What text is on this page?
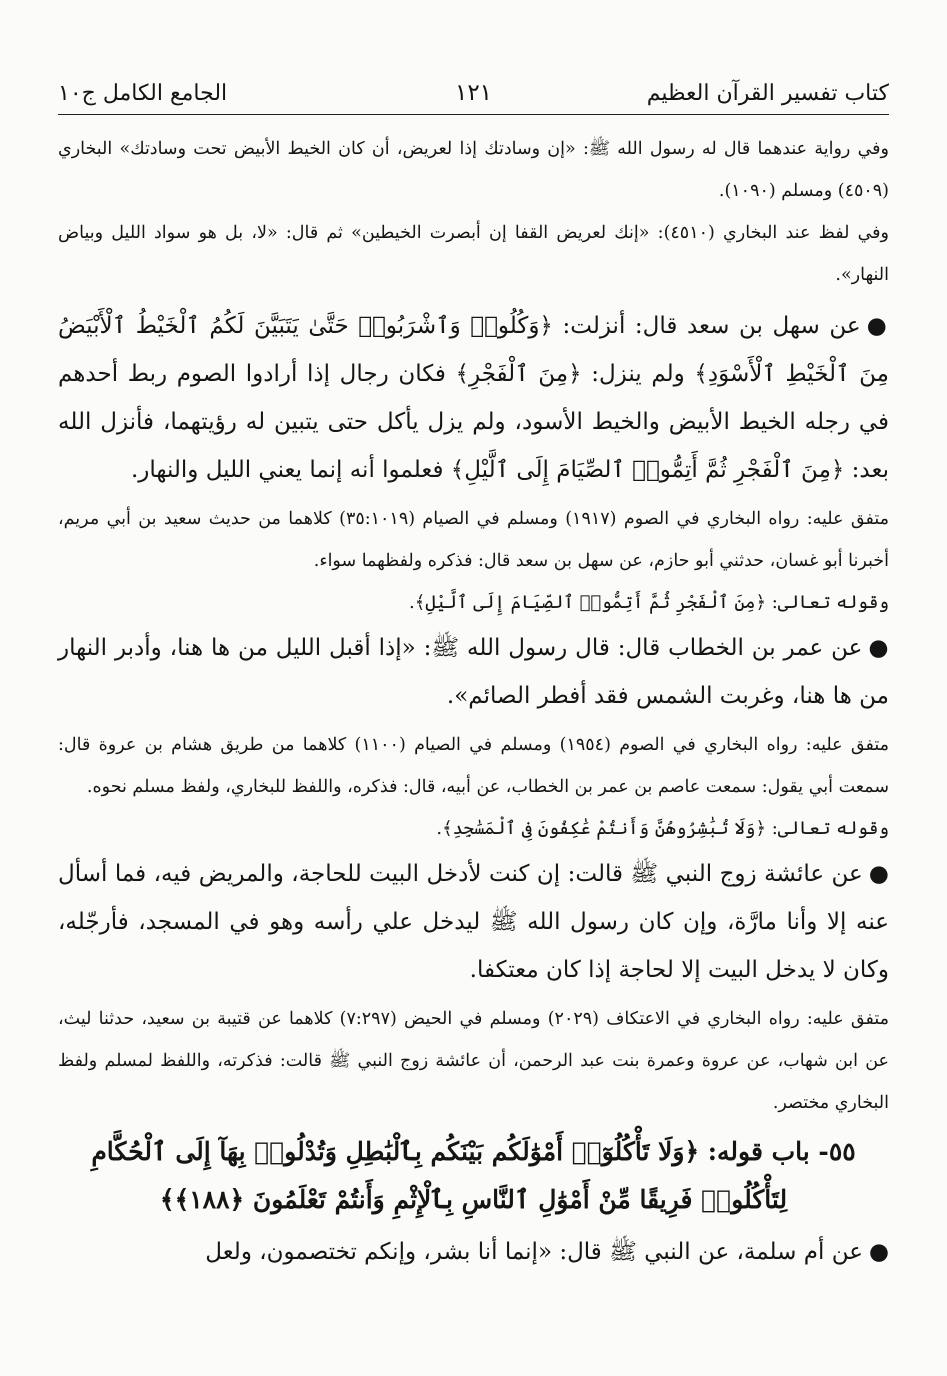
كتاب تفسير القرآن العظيم
١٢١
الجامع الكامل ج١٠

وفي رواية عندهما قال له رسول الله ﷺ: «إن وسادتك إذا لعريض، أن كان الخيط الأبيض تحت وسادتك» البخاري (٤٥٠٩) ومسلم (١٠٩٠).

وفي لفظ عند البخاري (٤٥١٠): «إنك لعريض القفا إن أبصرت الخيطين» ثم قال: «لا، بل هو سواد الليل وبياض النهار».

●عن سهل بن سعد قال: أنزلت: ﴿وَكُلُوا۟ وَٱشْرَبُوا۟ حَتَّىٰ يَتَبَيَّنَ لَكُمُ ٱلْخَيْطُ ٱلْأَبْيَضُ مِنَ ٱلْخَيْطِ ٱلْأَسْوَدِ﴾ ولم ينزل: ﴿مِنَ ٱلْفَجْرِ﴾ فكان رجال إذا أرادوا الصوم ربط أحدهم في رجله الخيط الأبيض والخيط الأسود، ولم يزل يأكل حتى يتبين له رؤيتهما، فأنزل الله بعد: ﴿مِنَ ٱلْفَجْرِ ثُمَّ أَتِمُّوا۟ ٱلصِّيَامَ إِلَى ٱلَّيْلِ﴾ فعلموا أنه إنما يعني الليل والنهار.

متفق عليه: رواه البخاري في الصوم (١٩١٧) ومسلم في الصيام (٣٥:١٠١٩) كلاهما من حديث سعيد بن أبي مريم، أخبرنا أبو غسان، حدثني أبو حازم، عن سهل بن سعد قال: فذكره ولفظهما سواء.

وقوله تعالى: ﴿مِنَ ٱلْفَجْرِ ثُمَّ أَتِمُّوا۟ ٱلصِّيَامَ إِلَى ٱلَّيْلِ﴾.

●عن عمر بن الخطاب قال: قال رسول الله ﷺ: «إذا أقبل الليل من ها هنا، وأدبر النهار من ها هنا، وغربت الشمس فقد أفطر الصائم».

متفق عليه: رواه البخاري في الصوم (١٩٥٤) ومسلم في الصيام (١١٠٠) كلاهما من طريق هشام بن عروة قال: سمعت أبي يقول: سمعت عاصم بن عمر بن الخطاب، عن أبيه، قال: فذكره، واللفظ للبخاري، ولفظ مسلم نحوه.

وقوله تعالى: ﴿وَلَا تُبَٰشِرُوهُنَّ وَأَنتُمْ عَٰكِفُونَ فِى ٱلْمَسَٰجِدِ﴾.

●عن عائشة زوج النبي ﷺ قالت: إن كنت لأدخل البيت للحاجة، والمريض فيه، فما أسأل عنه إلا وأنا مارَّة، وإن كان رسول الله ﷺ ليدخل علي رأسه وهو في المسجد، فأرجّله، وكان لا يدخل البيت إلا لحاجة إذا كان معتكفا.

متفق عليه: رواه البخاري في الاعتكاف (٢٠٢٩) ومسلم في الحيض (٧:٢٩٧) كلاهما عن قتيبة بن سعيد، حدثنا ليث، عن ابن شهاب، عن عروة وعمرة بنت عبد الرحمن، أن عائشة زوج النبي ﷺ قالت: فذكرته، واللفظ لمسلم ولفظ البخاري مختصر.

٥٥- باب قوله: ﴿وَلَا تَأْكُلُوٓا۟ أَمْوَٰلَكُم بَيْنَكُم بِٱلْبَٰطِلِ وَتُدْلُوا۟ بِهَآ إِلَى ٱلْحُكَّامِ لِتَأْكُلُوا۟ فَرِيقًا مِّنْ أَمْوَٰلِ ٱلنَّاسِ بِٱلْإِثْمِ وَأَنتُمْ تَعْلَمُونَ ﴿١٨٨﴾﴾

●عن أم سلمة، عن النبي ﷺ قال: «إنما أنا بشر، وإنكم تختصمون، ولعل
